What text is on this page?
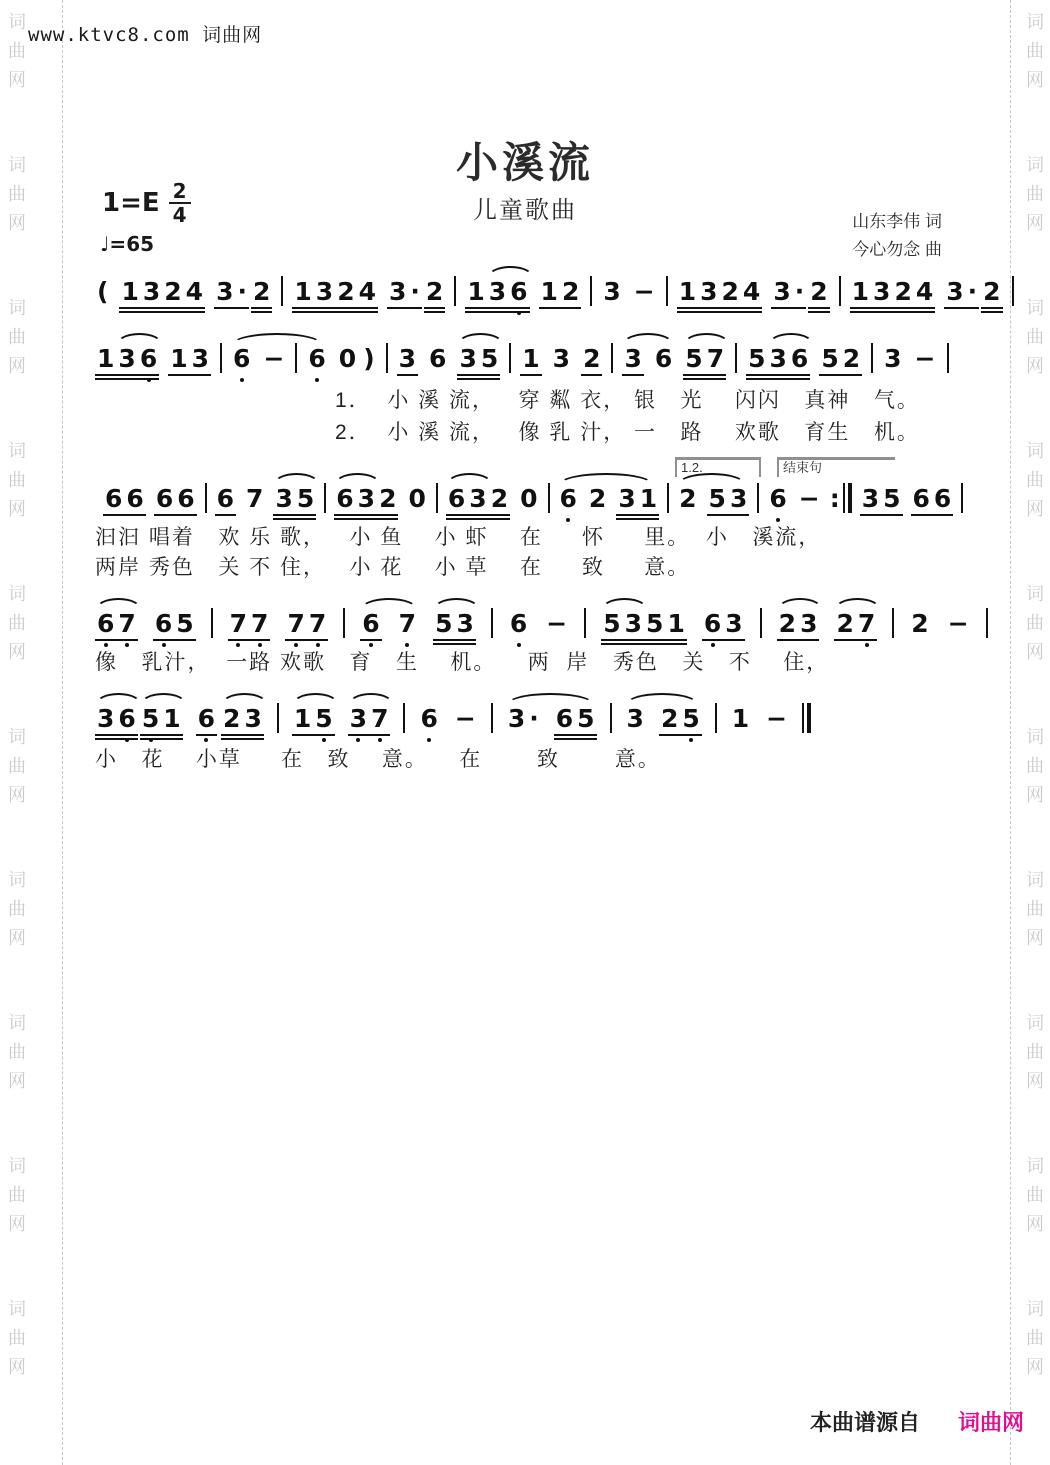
词
曲
网
词
曲
网
词
曲
网
词
曲
网
词
曲
网
词
曲
网
词
曲
网
词
曲
网
词
曲
网
词
曲
网
词
曲
网
词
曲
网
词
曲
网
词
曲
网
词
曲
网
词
曲
网
词
曲
网
词
曲
网
词
曲
网
词
曲
网
www.ktvc8.com 词曲网
小溪流
儿童歌曲
$1=E \frac{2}{4}$
♩=65
山东李伟 词
今心勿念 曲
( 1 3 2 4 3 · 2 1 3 2 4 3 · 2 1 3 6 1 2 3 − 1 3 2 4 3 · 2 1 3 2 4 3 · 2
1 3 6 1 3 6 − 6 0 ) 3 6 3 5 1 3 2 3 6 5 7 5 3 6 5 2 3 −
1.2.	结束句
6 6 6 6 6 7 3 5 6 3 2 0 6 3 2 0 6 2 3 1 2 5 3 6 − : 3 5 6 6
6 7 6 5 7 7 7 7 6 7 5 3 6 − 5 3 5 1 6 3 2 3 2 7 2 −
3 6 5 1 6 2 3 1 5 3 7 6 − 3 · 6 5 3 2 5 1 −
1．  小 溪 流，   穿 粼 衣， 银   光    闪闪   真神   气。
2．  小 溪 流，   像 乳 汁， 一   路    欢歌   育生   机。
汩汩 唱着   欢 乐 歌，   小 鱼    小 虾    在     怀     里。  小   溪流，
两岸 秀色   关 不 住，   小 花    小 草    在     致     意。
像   乳汁，  一路 欢歌   育   生    机。    两  岸   秀色   关   不    住，
小   花    小草     在   致    意。    在       致       意。
本曲谱源自 词曲网
